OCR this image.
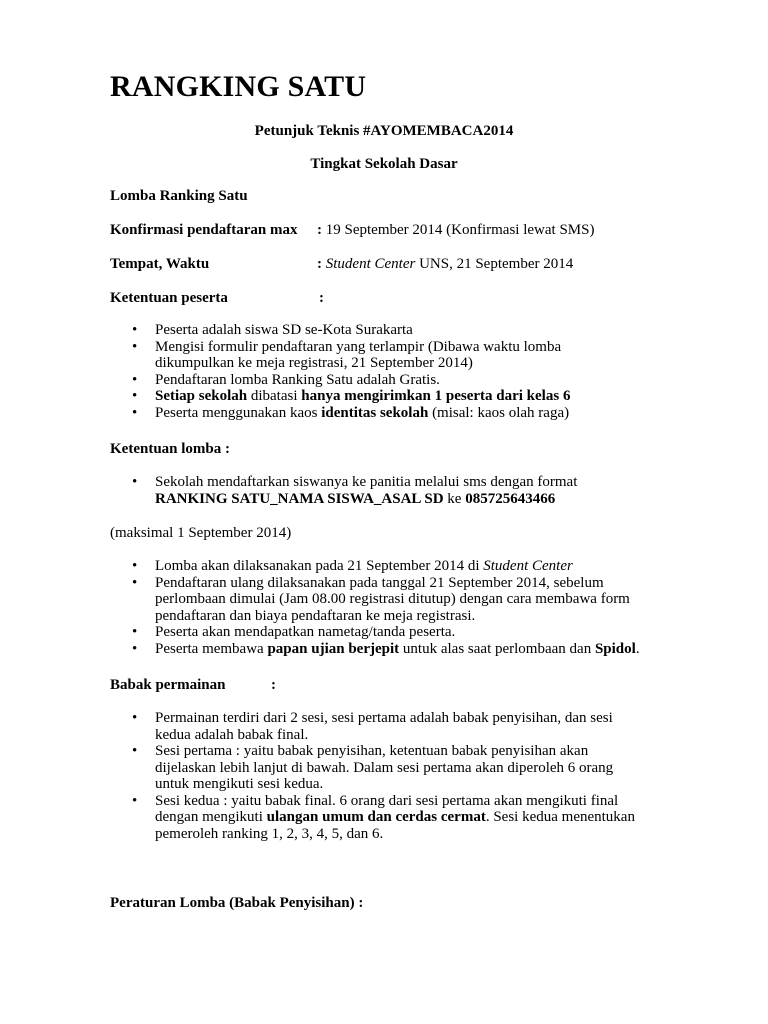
RANGKING SATU

Petunjuk Teknis #AYOMEMBACA2014

Tingkat Sekolah Dasar

Lomba Ranking Satu

Konfirmasi pendaftaran max : 19 September 2014 (Konfirmasi lewat SMS)

Tempat, Waktu	: Student Center UNS, 21 September 2014

Ketentuan peserta	:
• Peserta adalah siswa SD se-Kota Surakarta
• Mengisi formulir pendaftaran yang terlampir (Dibawa waktu lomba
dikumpulkan ke meja registrasi, 21 September 2014)
• Pendaftaran lomba Ranking Satu adalah Gratis.
• Setiap sekolah dibatasi hanya mengirimkan 1 peserta dari kelas 6
• Peserta menggunakan kaos identitas sekolah (misal: kaos olah raga)

Ketentuan lomba :

• Sekolah mendaftarkan siswanya ke panitia melalui sms dengan format
RANKING SATU_NAMA SISWA_ASAL SD ke 085725643466

(maksimal 1 September 2014)

• Lomba akan dilaksanakan pada 21 September 2014 di Student Center
• Pendaftaran ulang dilaksanakan pada tanggal 21 September 2014, sebelum
perlombaan dimulai (Jam 08.00 registrasi ditutup) dengan cara membawa form
pendaftaran dan biaya pendaftaran ke meja registrasi.
• Peserta akan mendapatkan nametag/tanda peserta.
• Peserta membawa papan ujian berjepit untuk alas saat perlombaan dan Spidol.

Babak permainan	:
• Permainan terdiri dari 2 sesi, sesi pertama adalah babak penyisihan, dan sesi
kedua adalah babak final.
• Sesi pertama : yaitu babak penyisihan, ketentuan babak penyisihan akan
dijelaskan lebih lanjut di bawah. Dalam sesi pertama akan diperoleh 6 orang
untuk mengikuti sesi kedua.
• Sesi kedua : yaitu babak final. 6 orang dari sesi pertama akan mengikuti final
dengan mengikuti ulangan umum dan cerdas cermat. Sesi kedua menentukan
pemeroleh ranking 1, 2, 3, 4, 5, dan 6.

Peraturan Lomba (Babak Penyisihan) :
